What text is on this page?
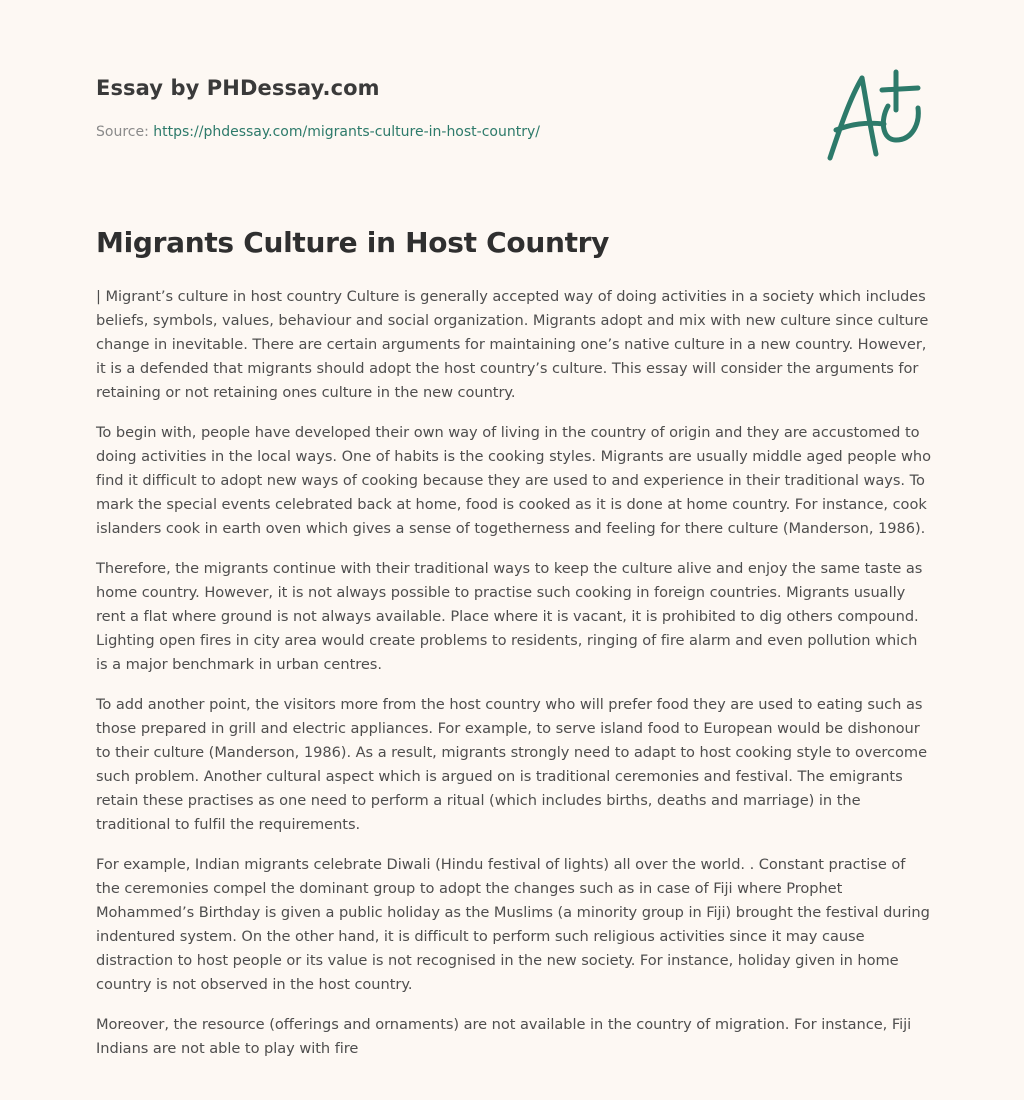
Essay by PHDessay.com
Source: https://phdessay.com/migrants-culture-in-host-country/
Migrants Culture in Host Country

| Migrant’s culture in host country Culture is generally accepted way of doing activities in a society which includes beliefs, symbols, values, behaviour and social organization. Migrants adopt and mix with new culture since culture change in inevitable. There are certain arguments for maintaining one’s native culture in a new country. However, it is a defended that migrants should adopt the host country’s culture. This essay will consider the arguments for retaining or not retaining ones culture in the new country.

To begin with, people have developed their own way of living in the country of origin and they are accustomed to doing activities in the local ways. One of habits is the cooking styles. Migrants are usually middle aged people who find it difficult to adopt new ways of cooking because they are used to and experience in their traditional ways. To mark the special events celebrated back at home, food is cooked as it is done at home country. For instance, cook islanders cook in earth oven which gives a sense of togetherness and feeling for there culture (Manderson, 1986).

Therefore, the migrants continue with their traditional ways to keep the culture alive and enjoy the same taste as home country. However, it is not always possible to practise such cooking in foreign countries. Migrants usually rent a flat where ground is not always available. Place where it is vacant, it is prohibited to dig others compound. Lighting open fires in city area would create problems to residents, ringing of fire alarm and even pollution which is a major benchmark in urban centres.

To add another point, the visitors more from the host country who will prefer food they are used to eating such as those prepared in grill and electric appliances. For example, to serve island food to European would be dishonour to their culture (Manderson, 1986). As a result, migrants strongly need to adapt to host cooking style to overcome such problem. Another cultural aspect which is argued on is traditional ceremonies and festival. The emigrants retain these practises as one need to perform a ritual (which includes births, deaths and marriage) in the traditional to fulfil the requirements.

For example, Indian migrants celebrate Diwali (Hindu festival of lights) all over the world. . Constant practise of the ceremonies compel the dominant group to adopt the changes such as in case of Fiji where Prophet Mohammed’s Birthday is given a public holiday as the Muslims (a minority group in Fiji) brought the festival during indentured system. On the other hand, it is difficult to perform such religious activities since it may cause distraction to host people or its value is not recognised in the new society. For instance, holiday given in home country is not observed in the host country.

Moreover, the resource (offerings and ornaments) are not available in the country of migration. For instance, Fiji Indians are not able to play with fire
